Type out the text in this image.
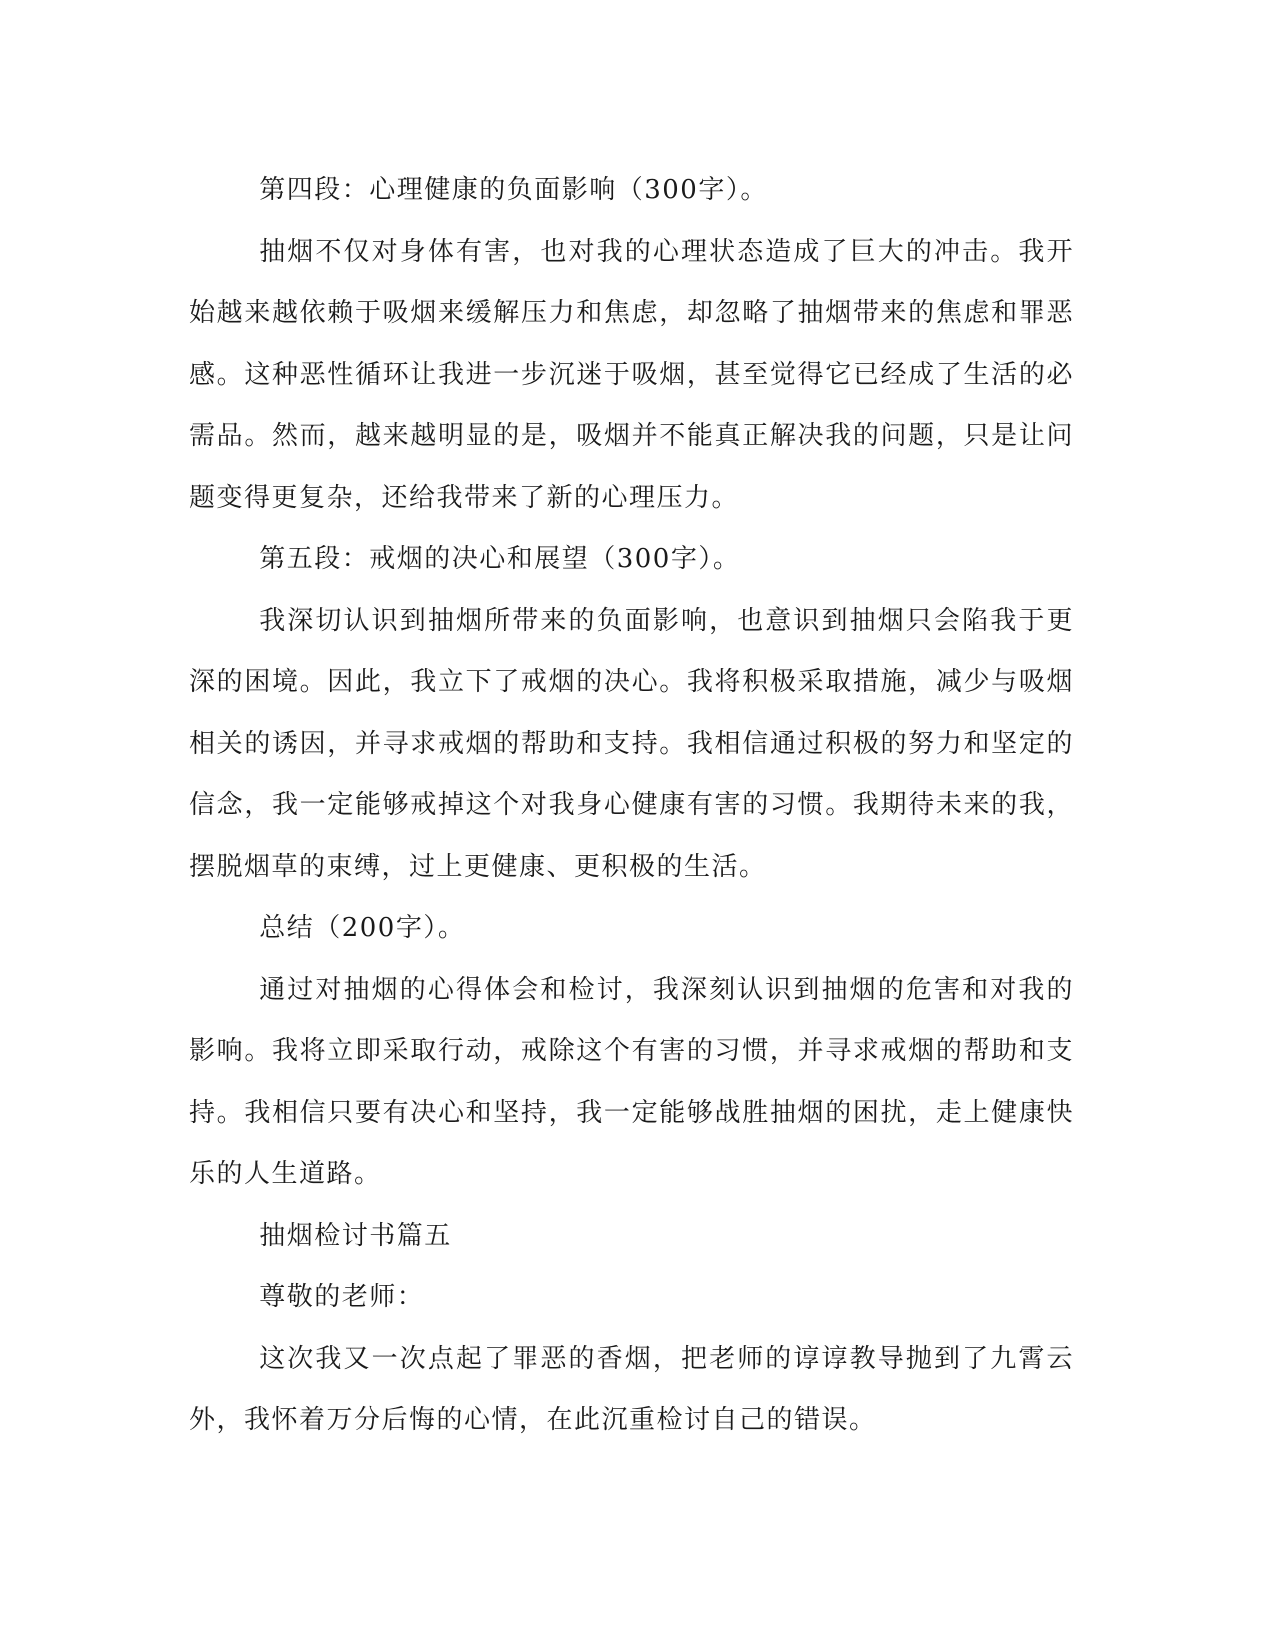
第四段：心理健康的负面影响（300字）。

抽烟不仅对身体有害，也对我的心理状态造成了巨大的冲击。我开始越来越依赖于吸烟来缓解压力和焦虑，却忽略了抽烟带来的焦虑和罪恶感。这种恶性循环让我进一步沉迷于吸烟，甚至觉得它已经成了生活的必需品。然而，越来越明显的是，吸烟并不能真正解决我的问题，只是让问题变得更复杂，还给我带来了新的心理压力。

第五段：戒烟的决心和展望（300字）。

我深切认识到抽烟所带来的负面影响，也意识到抽烟只会陷我于更深的困境。因此，我立下了戒烟的决心。我将积极采取措施，减少与吸烟相关的诱因，并寻求戒烟的帮助和支持。我相信通过积极的努力和坚定的信念，我一定能够戒掉这个对我身心健康有害的习惯。我期待未来的我，摆脱烟草的束缚，过上更健康、更积极的生活。

总结（200字）。

通过对抽烟的心得体会和检讨，我深刻认识到抽烟的危害和对我的影响。我将立即采取行动，戒除这个有害的习惯，并寻求戒烟的帮助和支持。我相信只要有决心和坚持，我一定能够战胜抽烟的困扰，走上健康快乐的人生道路。

抽烟检讨书篇五

尊敬的老师：

这次我又一次点起了罪恶的香烟，把老师的谆谆教导抛到了九霄云外，我怀着万分后悔的心情，在此沉重检讨自己的错误。
